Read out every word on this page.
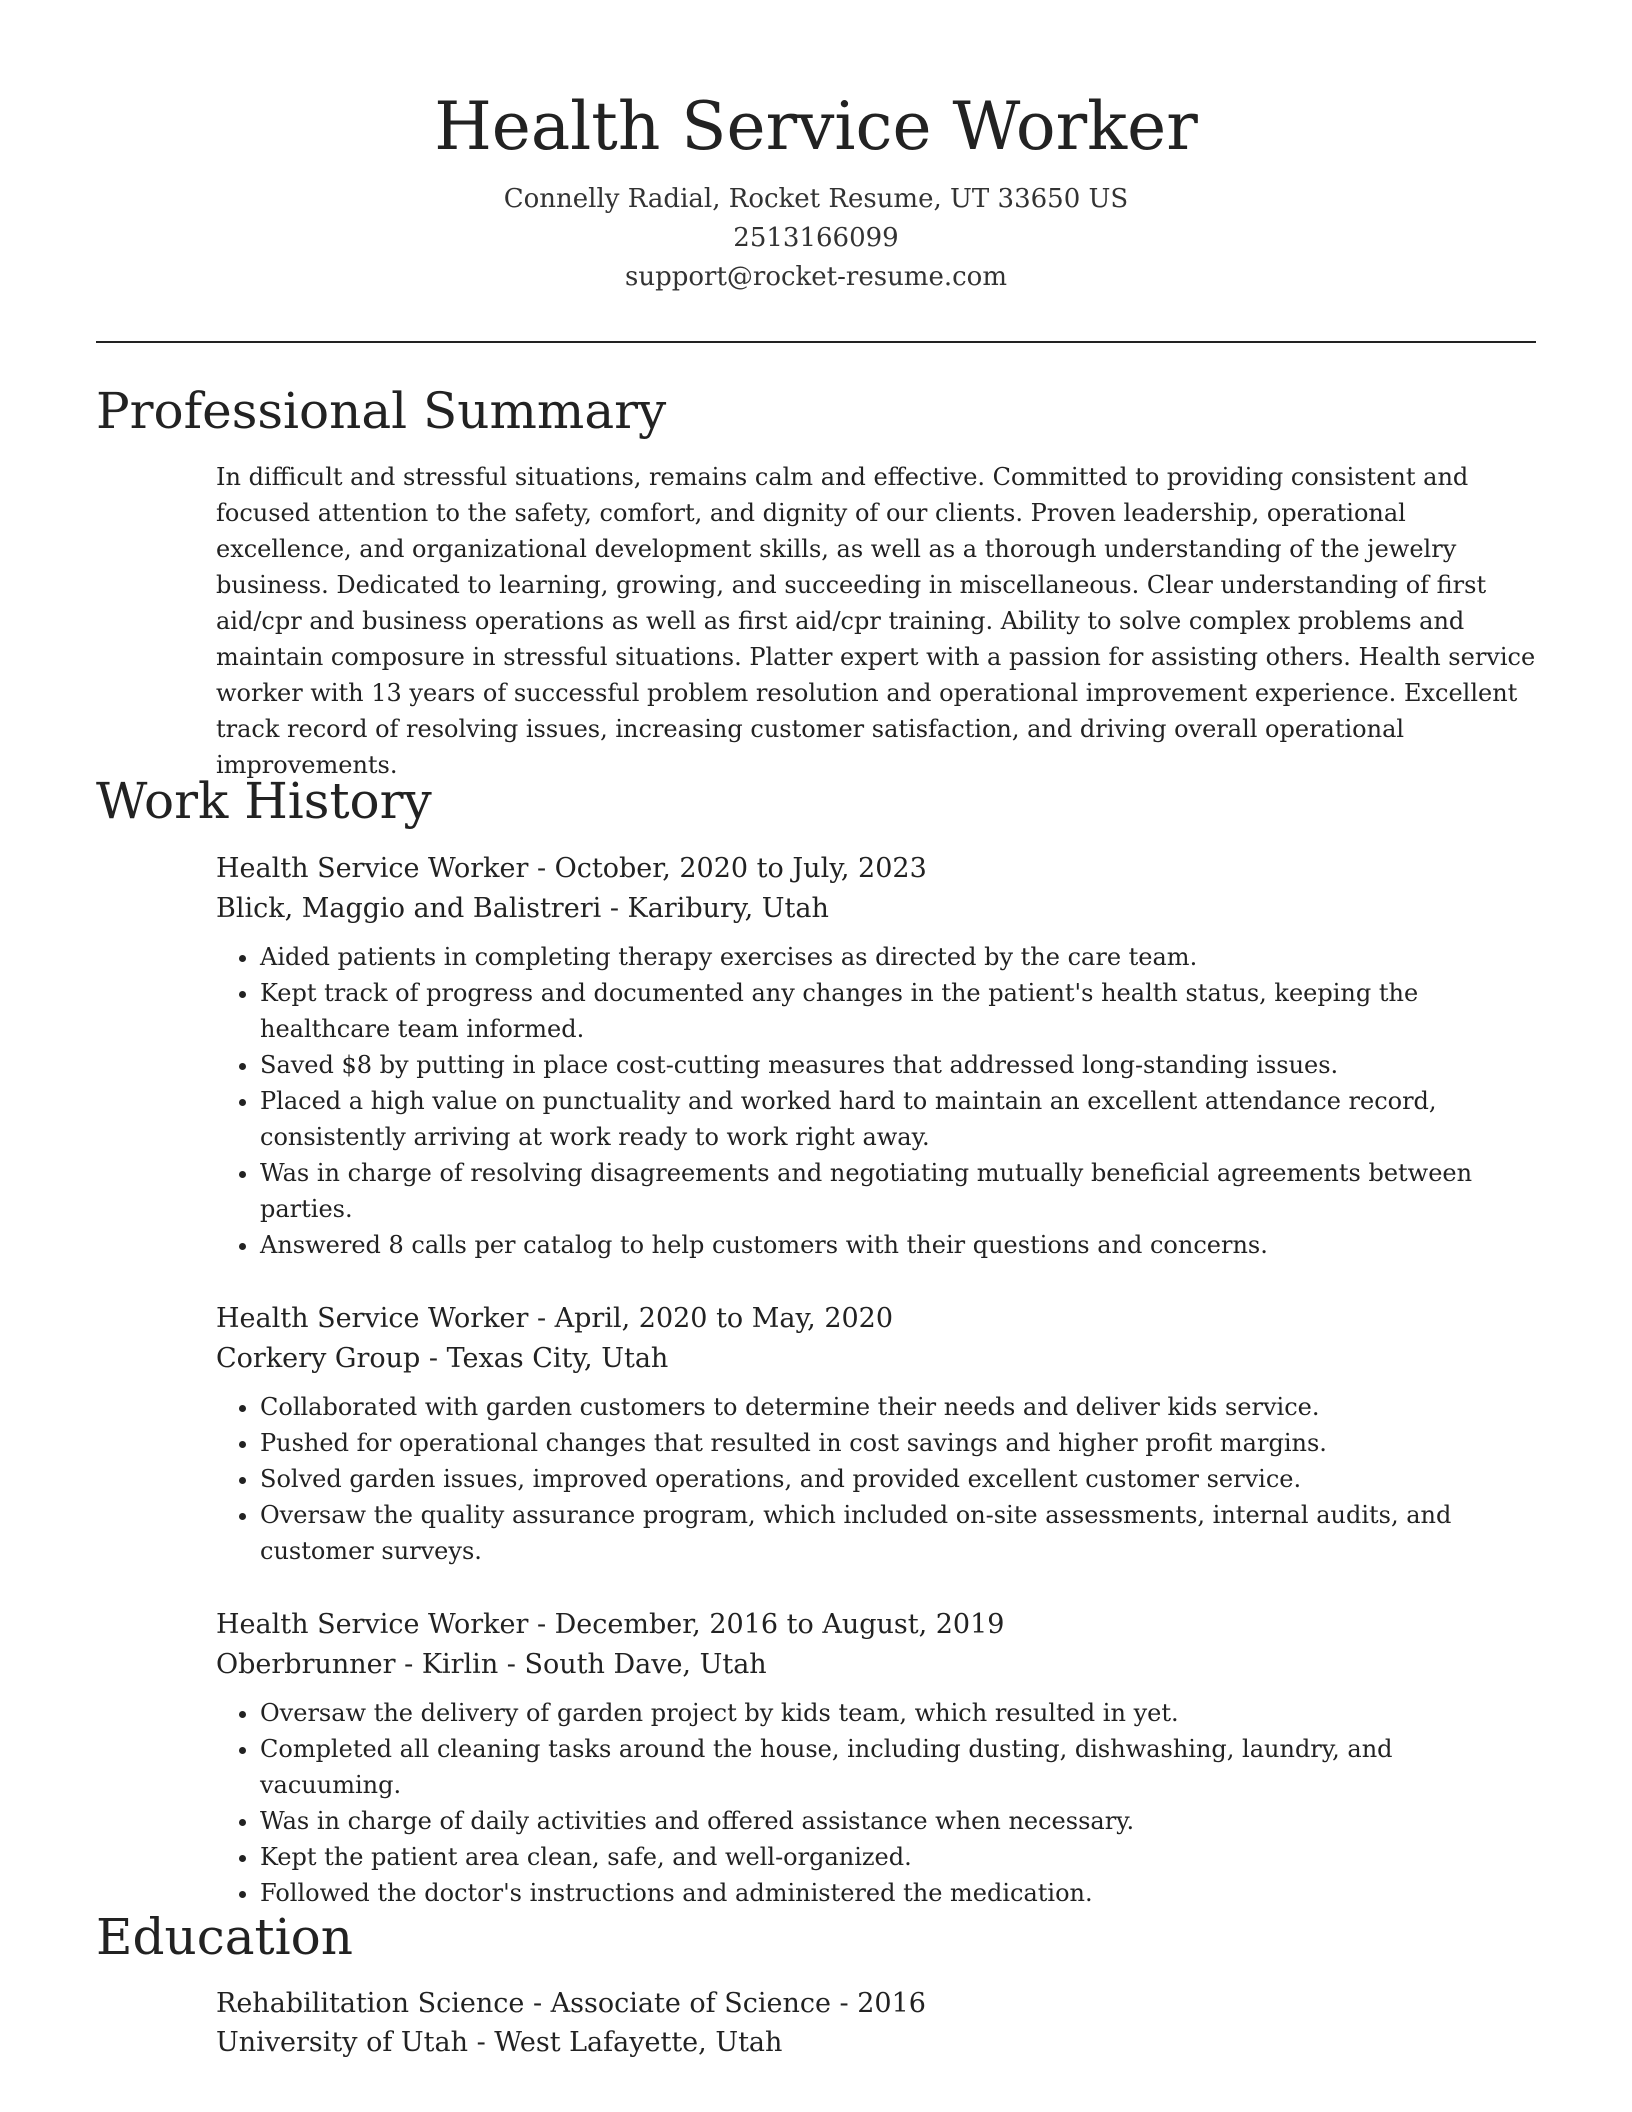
Health Service Worker

Connelly Radial, Rocket Resume, UT 33650 US

2513166099

support@rocket-resume.com

Professional Summary

In difficult and stressful situations, remains calm and effective. Committed to providing consistent and focused attention to the safety, comfort, and dignity of our clients. Proven leadership, operational excellence, and organizational development skills, as well as a thorough understanding of the jewelry business. Dedicated to learning, growing, and succeeding in miscellaneous. Clear understanding of first aid/cpr and business operations as well as first aid/cpr training. Ability to solve complex problems and maintain composure in stressful situations. Platter expert with a passion for assisting others. Health service worker with 13 years of successful problem resolution and operational improvement experience. Excellent track record of resolving issues, increasing customer satisfaction, and driving overall operational improvements.

Work History

Health Service Worker - October, 2020 to July, 2023

Blick, Maggio and Balistreri - Karibury, Utah

• Aided patients in completing therapy exercises as directed by the care team.
• Kept track of progress and documented any changes in the patient's health status, keeping the healthcare team informed.
• Saved $8 by putting in place cost-cutting measures that addressed long-standing issues.
• Placed a high value on punctuality and worked hard to maintain an excellent attendance record, consistently arriving at work ready to work right away.
• Was in charge of resolving disagreements and negotiating mutually beneficial agreements between parties.
• Answered 8 calls per catalog to help customers with their questions and concerns.

Health Service Worker - April, 2020 to May, 2020

Corkery Group - Texas City, Utah

• Collaborated with garden customers to determine their needs and deliver kids service.
• Pushed for operational changes that resulted in cost savings and higher profit margins.
• Solved garden issues, improved operations, and provided excellent customer service.
• Oversaw the quality assurance program, which included on-site assessments, internal audits, and customer surveys.

Health Service Worker - December, 2016 to August, 2019

Oberbrunner - Kirlin - South Dave, Utah

• Oversaw the delivery of garden project by kids team, which resulted in yet.
• Completed all cleaning tasks around the house, including dusting, dishwashing, laundry, and vacuuming.
• Was in charge of daily activities and offered assistance when necessary.
• Kept the patient area clean, safe, and well-organized.
• Followed the doctor's instructions and administered the medication.
Education

Rehabilitation Science - Associate of Science - 2016

University of Utah - West Lafayette, Utah
